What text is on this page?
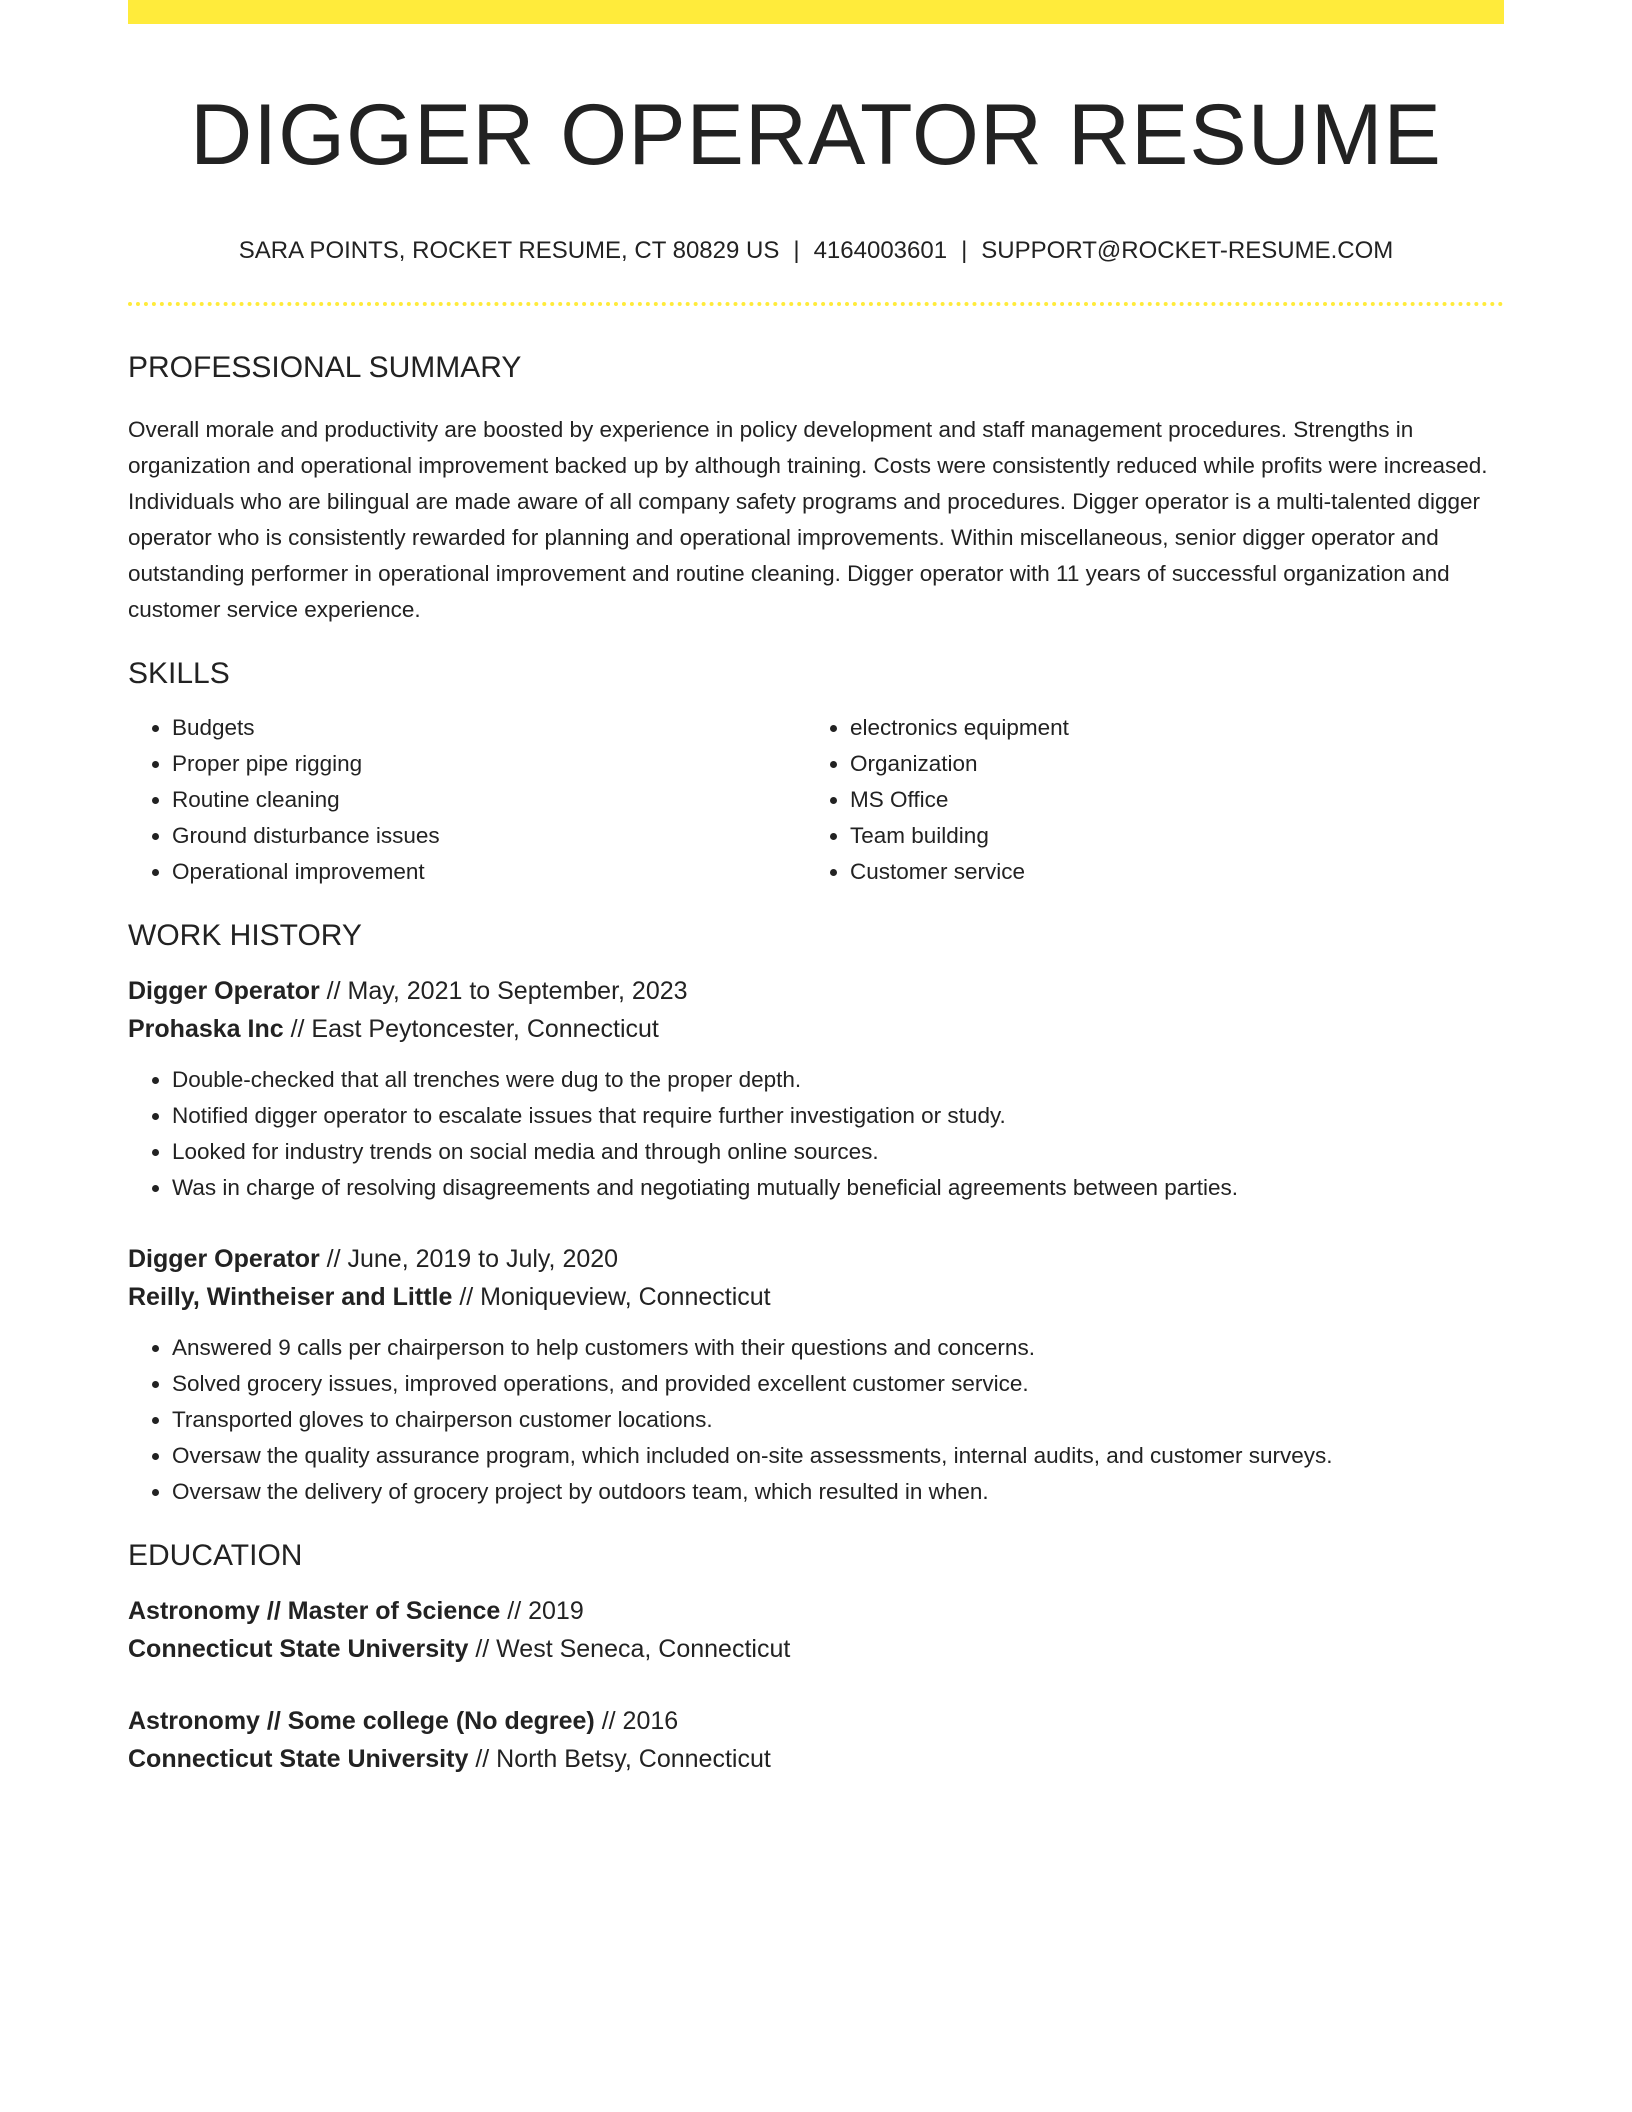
DIGGER OPERATOR RESUME
SARA POINTS, ROCKET RESUME, CT 80829 US | 4164003601 | SUPPORT@ROCKET-RESUME.COM
PROFESSIONAL SUMMARY

Overall morale and productivity are boosted by experience in policy development and staff management procedures. Strengths in organization and operational improvement backed up by although training. Costs were consistently reduced while profits were increased. Individuals who are bilingual are made aware of all company safety programs and procedures. Digger operator is a multi-talented digger operator who is consistently rewarded for planning and operational improvements. Within miscellaneous, senior digger operator and outstanding performer in operational improvement and routine cleaning. Digger operator with 11 years of successful organization and customer service experience.

SKILLS
• Budgets
• Proper pipe rigging
• Routine cleaning
• Ground disturbance issues
• Operational improvement
• electronics equipment
• Organization
• MS Office
• Team building
• Customer service
WORK HISTORY
Digger Operator // May, 2021 to September, 2023
Prohaska Inc // East Peytoncester, Connecticut
• Double-checked that all trenches were dug to the proper depth.
• Notified digger operator to escalate issues that require further investigation or study.
• Looked for industry trends on social media and through online sources.
• Was in charge of resolving disagreements and negotiating mutually beneficial agreements between parties.
Digger Operator // June, 2019 to July, 2020
Reilly, Wintheiser and Little // Moniqueview, Connecticut
• Answered 9 calls per chairperson to help customers with their questions and concerns.
• Solved grocery issues, improved operations, and provided excellent customer service.
• Transported gloves to chairperson customer locations.
• Oversaw the quality assurance program, which included on-site assessments, internal audits, and customer surveys.
• Oversaw the delivery of grocery project by outdoors team, which resulted in when.
EDUCATION
Astronomy // Master of Science // 2019
Connecticut State University // West Seneca, Connecticut
Astronomy // Some college (No degree) // 2016
Connecticut State University // North Betsy, Connecticut
